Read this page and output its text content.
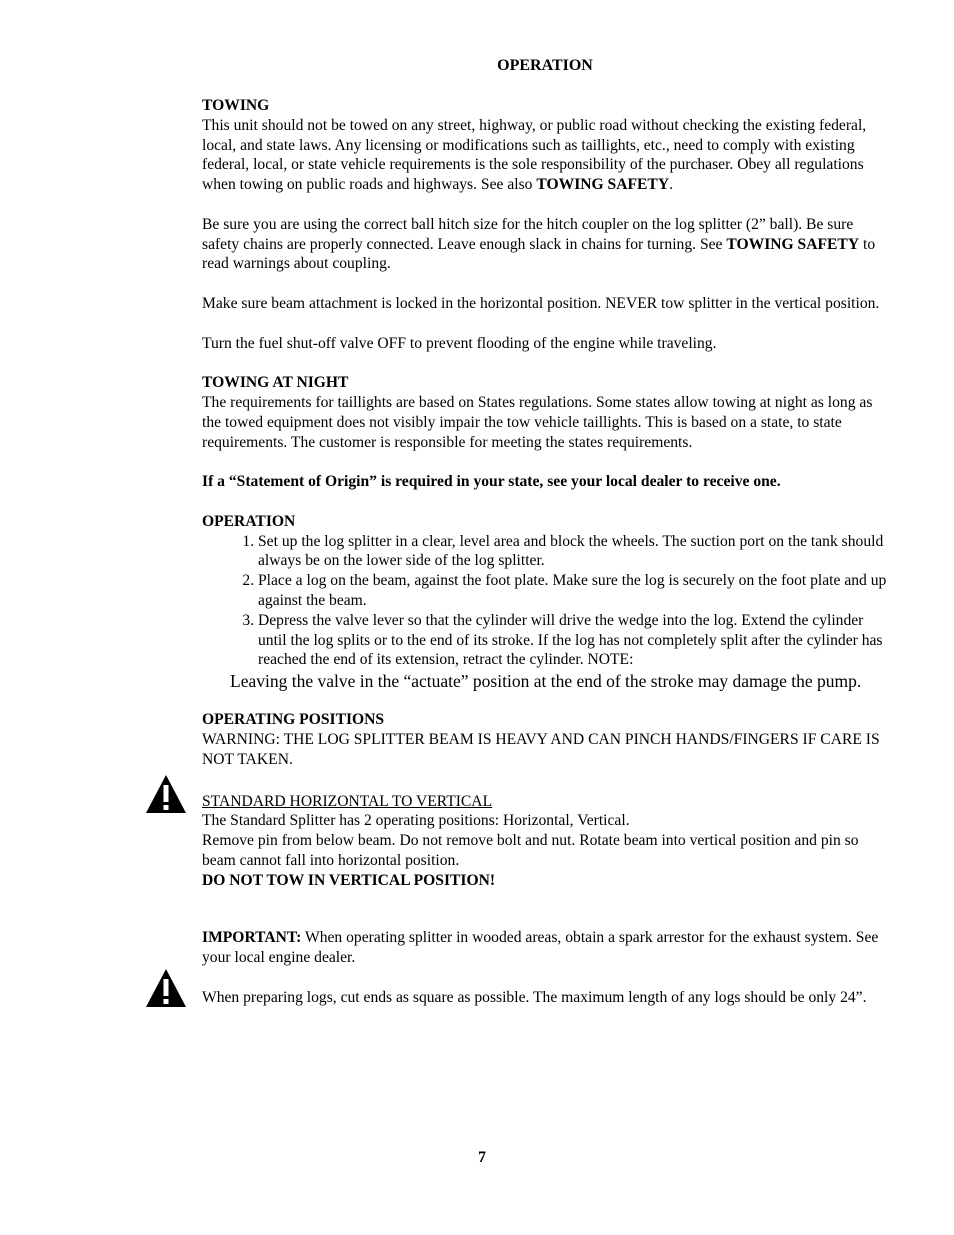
OPERATION

TOWING

This unit should not be towed on any street, highway, or public road without checking the existing federal, local, and state laws. Any licensing or modifications such as taillights, etc., need to comply with existing federal, local, or state vehicle requirements is the sole responsibility of the purchaser. Obey all regulations when towing on public roads and highways. See also TOWING SAFETY.

Be sure you are using the correct ball hitch size for the hitch coupler on the log splitter (2” ball). Be sure safety chains are properly connected. Leave enough slack in chains for turning. See TOWING SAFETY to read warnings about coupling.

Make sure beam attachment is locked in the horizontal position. NEVER tow splitter in the vertical position.

Turn the fuel shut-off valve OFF to prevent flooding of the engine while traveling.

TOWING AT NIGHT

The requirements for taillights are based on States regulations. Some states allow towing at night as long as the towed equipment does not visibly impair the tow vehicle taillights. This is based on a state, to state requirements. The customer is responsible for meeting the states requirements.

If a “Statement of Origin” is required in your state, see your local dealer to receive one.

OPERATION

1. Set up the log splitter in a clear, level area and block the wheels. The suction port on the tank should always be on the lower side of the log splitter.
2. Place a log on the beam, against the foot plate. Make sure the log is securely on the foot plate and up against the beam.
3. Depress the valve lever so that the cylinder will drive the wedge into the log. Extend the cylinder until the log splits or to the end of its stroke. If the log has not completely split after the cylinder has reached the end of its extension, retract the cylinder. NOTE:

Leaving the valve in the “actuate” position at the end of the stroke may damage the pump.

OPERATING POSITIONS

WARNING: THE LOG SPLITTER BEAM IS HEAVY AND CAN PINCH HANDS/FINGERS IF CARE IS NOT TAKEN.

STANDARD HORIZONTAL TO VERTICAL

The Standard Splitter has 2 operating positions: Horizontal, Vertical.

Remove pin from below beam. Do not remove bolt and nut. Rotate beam into vertical position and pin so beam cannot fall into horizontal position.

DO NOT TOW IN VERTICAL POSITION!

IMPORTANT: When operating splitter in wooded areas, obtain a spark arrestor for the exhaust system. See your local engine dealer.

When preparing logs, cut ends as square as possible. The maximum length of any logs should be only 24”.

7
